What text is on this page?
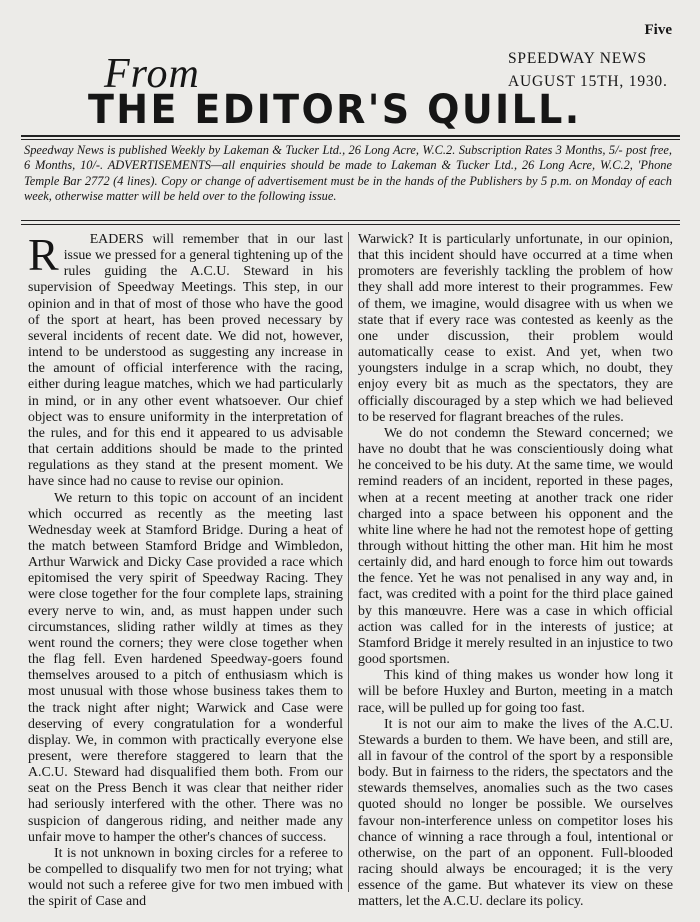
Five
SPEEDWAY NEWS
AUGUST 15TH, 1930.
From
THE EDITOR'S QUILL.
Speedway News is published Weekly by Lakeman & Tucker Ltd., 26 Long Acre, W.C.2. Subscription Rates 3 Months, 5/- post free, 6 Months, 10/-. ADVERTISEMENTS—all enquiries should be made to Lakeman & Tucker Ltd., 26 Long Acre, W.C.2, 'Phone Temple Bar 2772 (4 lines). Copy or change of advertisement must be in the hands of the Publishers by 5 p.m. on Monday of each week, otherwise matter will be held over to the following issue.

R	EADERS will remember that in our last issue we pressed for a general tightening up of the rules guiding the A.C.U. Steward in his supervision of Speedway Meetings. This step, in our opinion and in that of most of those who have the good of the sport at heart, has been proved necessary by several incidents of recent date. We did not, however, intend to be understood as suggesting any increase in the amount of official interference with the racing, either during league matches, which we had particularly in mind, or in any other event whatsoever. Our chief object was to ensure uniformity in the interpretation of the rules, and for this end it appeared to us advisable that certain additions should be made to the printed regulations as they stand at the present moment. We have since had no cause to revise our opinion.

We return to this topic on account of an incident which occurred as recently as the meeting last Wednesday week at Stamford Bridge. During a heat of the match between Stamford Bridge and Wimbledon, Arthur Warwick and Dicky Case provided a race which epitomised the very spirit of Speedway Racing. They were close together for the four complete laps, straining every nerve to win, and, as must happen under such circumstances, sliding rather wildly at times as they went round the corners; they were close together when the flag fell. Even hardened Speedway-goers found themselves aroused to a pitch of enthusiasm which is most unusual with those whose business takes them to the track night after night; Warwick and Case were deserving of every congratulation for a wonderful display. We, in common with practically everyone else present, were therefore staggered to learn that the A.C.U. Steward had disqualified them both. From our seat on the Press Bench it was clear that neither rider had seriously interfered with the other. There was no suspicion of dangerous riding, and neither made any unfair move to hamper the other's chances of success.

It is not unknown in boxing circles for a referee to be compelled to disqualify two men for not trying; what would not such a referee give for two men imbued with the spirit of Case and

Warwick? It is particularly unfortunate, in our opinion, that this incident should have occurred at a time when promoters are feverishly tackling the problem of how they shall add more interest to their programmes. Few of them, we imagine, would disagree with us when we state that if every race was contested as keenly as the one under discussion, their problem would automatically cease to exist. And yet, when two youngsters indulge in a scrap which, no doubt, they enjoy every bit as much as the spectators, they are officially discouraged by a step which we had believed to be reserved for flagrant breaches of the rules.

We do not condemn the Steward concerned; we have no doubt that he was conscientiously doing what he conceived to be his duty. At the same time, we would remind readers of an incident, reported in these pages, when at a recent meeting at another track one rider charged into a space between his opponent and the white line where he had not the remotest hope of getting through without hitting the other man. Hit him he most certainly did, and hard enough to force him out towards the fence. Yet he was not penalised in any way and, in fact, was credited with a point for the third place gained by this manœuvre. Here was a case in which official action was called for in the interests of justice; at Stamford Bridge it merely resulted in an injustice to two good sportsmen.

This kind of thing makes us wonder how long it will be before Huxley and Burton, meeting in a match race, will be pulled up for going too fast.

It is not our aim to make the lives of the A.C.U. Stewards a burden to them. We have been, and still are, all in favour of the control of the sport by a responsible body. But in fairness to the riders, the spectators and the stewards themselves, anomalies such as the two cases quoted should no longer be possible. We ourselves favour non-interference unless on competitor loses his chance of winning a race through a foul, intentional or otherwise, on the part of an opponent. Full-blooded racing should always be encouraged; it is the very essence of the game. But whatever its view on these matters, let the A.C.U. declare its policy.
